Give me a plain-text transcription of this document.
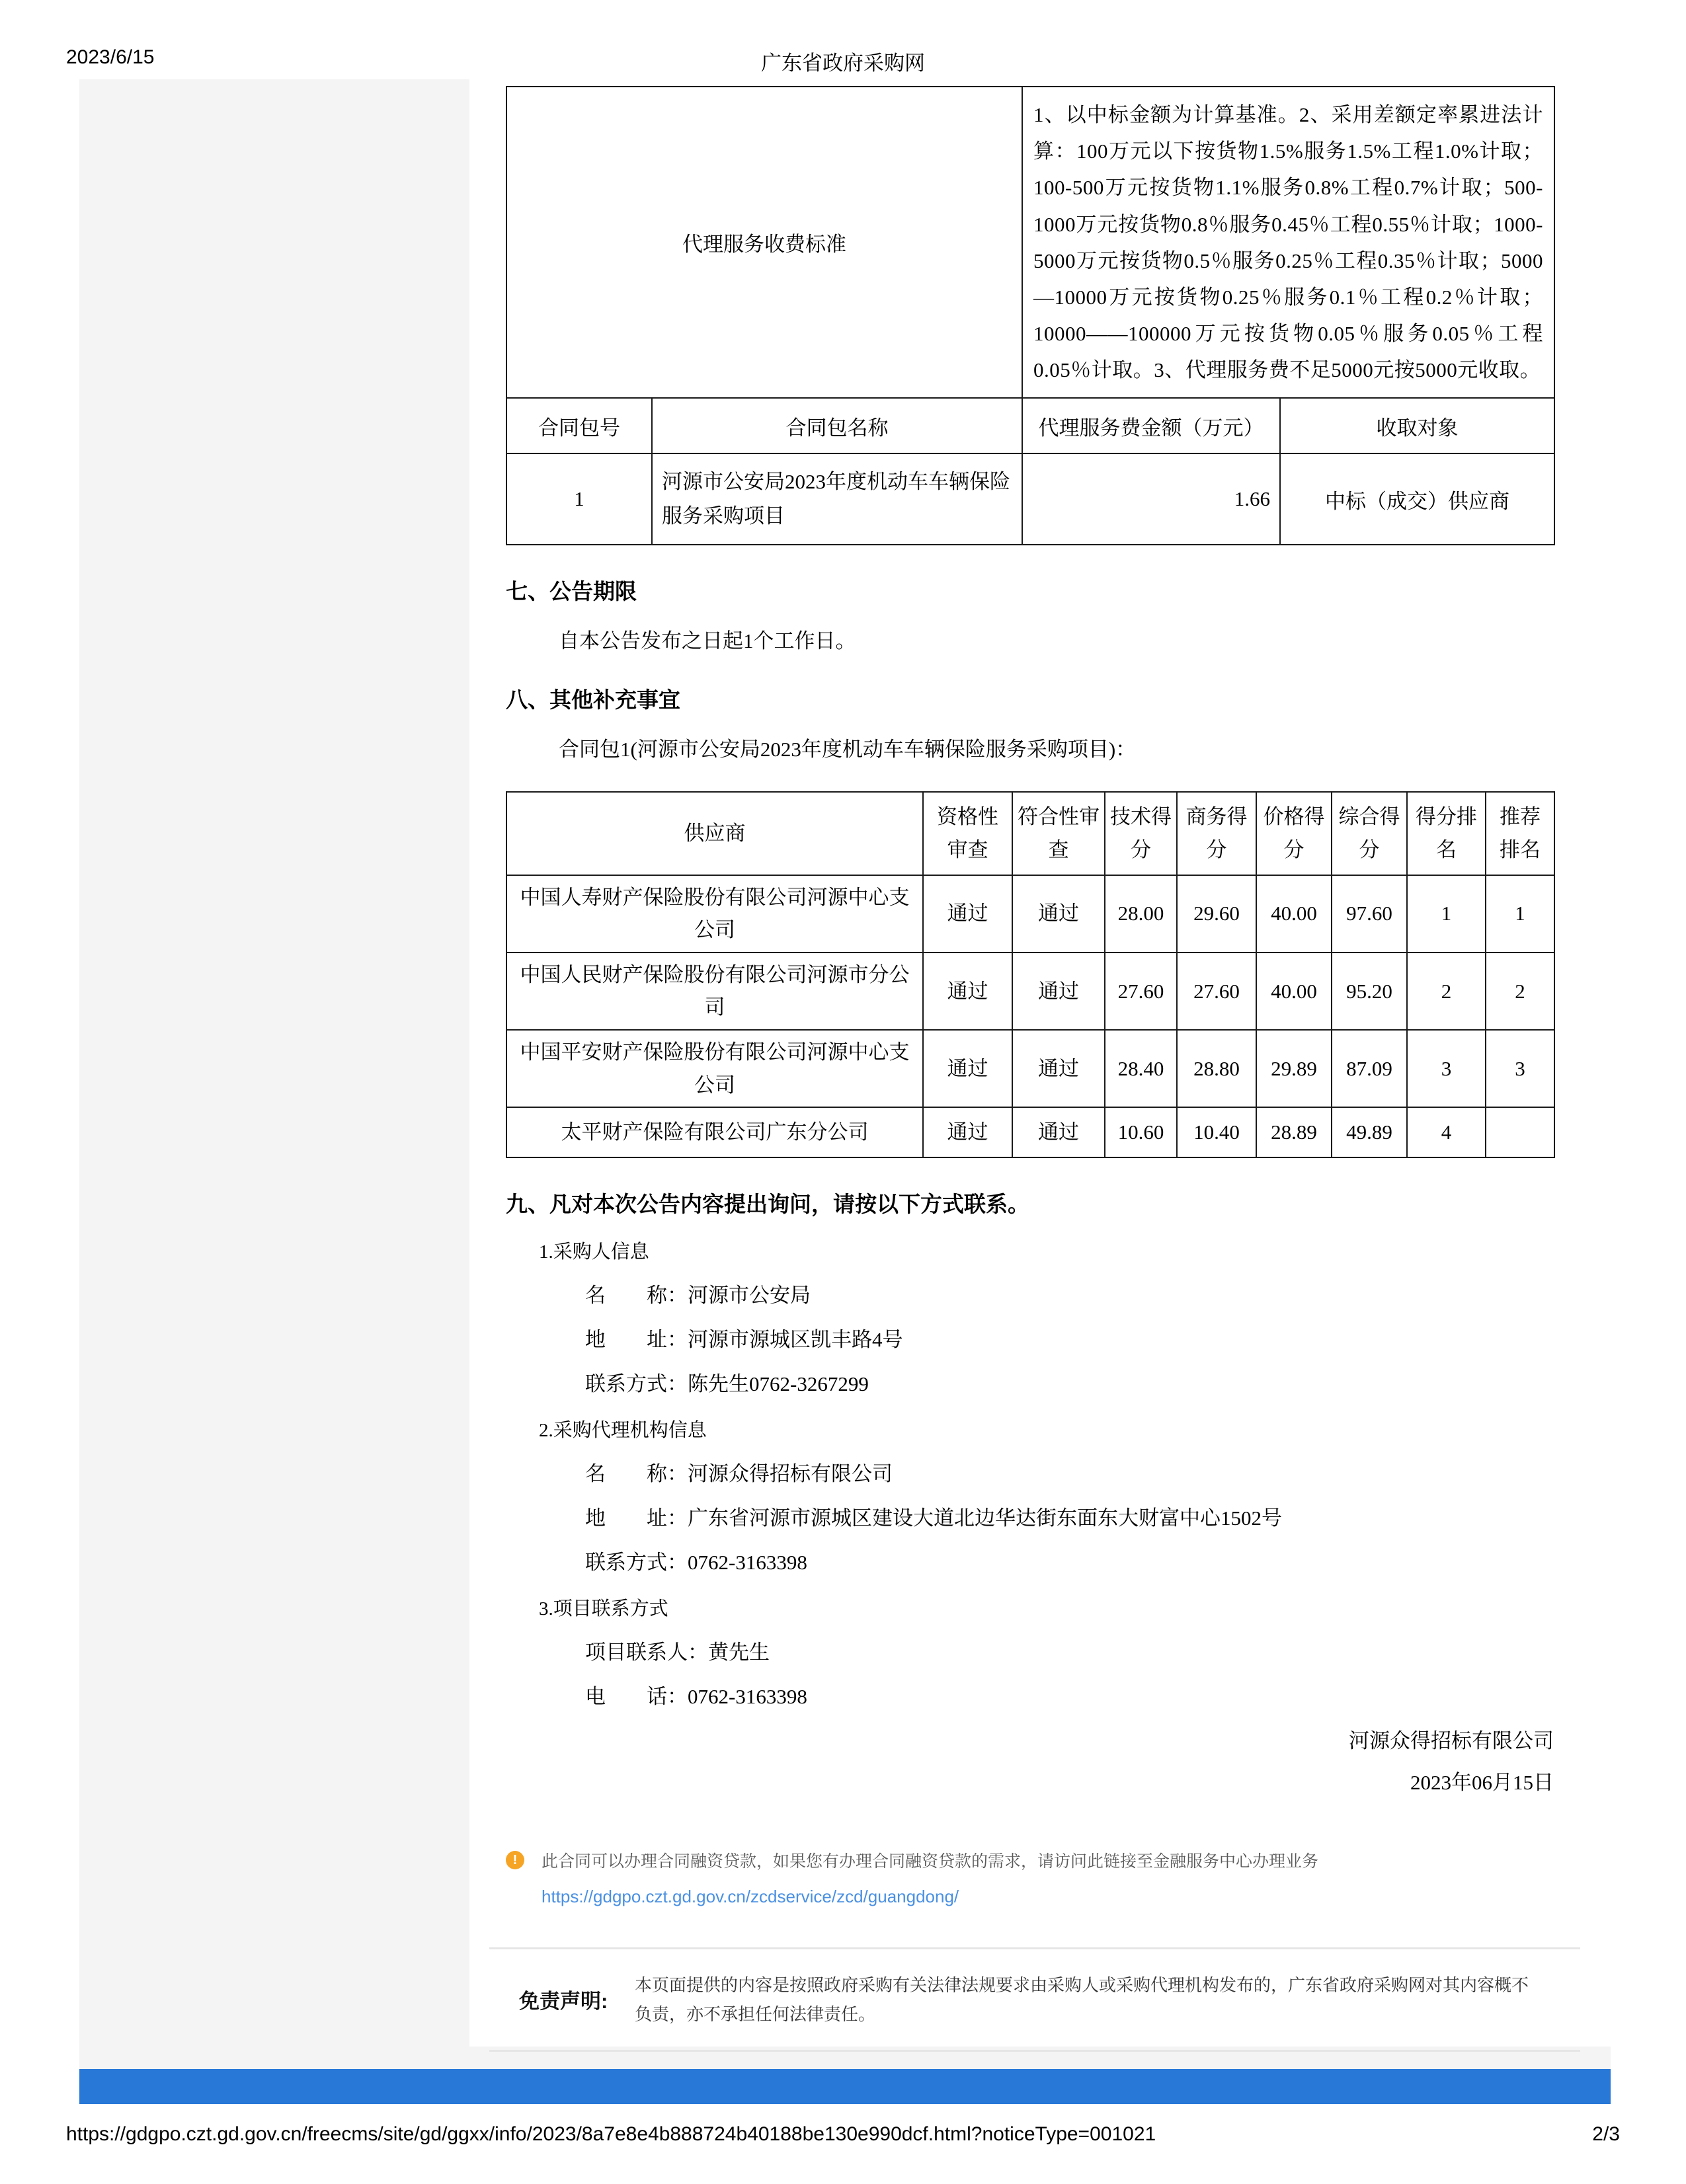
2023/6/15	广东省政府采购网
代理服务收费标准		1、以中标金额为计算基准。2、采用差额定率累进法计算：100万元以下按货物1.5%服务1.5%工程1.0%计取；100-500万元按货物1.1%服务0.8%工程0.7%计取；500-1000万元按货物0.8％服务0.45％工程0.55％计取；1000-5000万元按货物0.5％服务0.25％工程0.35％计取；5000—10000万元按货物0.25％服务0.1％工程0.2％计取；10000——100000万元按货物0.05％服务0.05％工程0.05％计取。3、代理服务费不足5000元按5000元收取。	
合同包号	合同包名称	代理服务费金额（万元）	收取对象
1	河源市公安局2023年度机动车车辆保险服务采购项目	1.66	中标（成交）供应商
七、公告期限
自本公告发布之日起1个工作日。
八、其他补充事宜
合同包1(河源市公安局2023年度机动车车辆保险服务采购项目)：
供应商	资格性审查	符合性审查	技术得分	商务得分	价格得分	综合得分	得分排名	推荐排名
中国人寿财产保险股份有限公司河源中心支公司	通过	通过	28.00	29.60	40.00	97.60	1	1
中国人民财产保险股份有限公司河源市分公司	通过	通过	27.60	27.60	40.00	95.20	2	2
中国平安财产保险股份有限公司河源中心支公司	通过	通过	28.40	28.80	29.89	87.09	3	3
太平财产保险有限公司广东分公司	通过	通过	10.60	10.40	28.89	49.89	4	
九、凡对本次公告内容提出询问，请按以下方式联系。
1.采购人信息
名　　称：河源市公安局
地　　址：河源市源城区凯丰路4号
联系方式：陈先生0762-3267299
2.采购代理机构信息
名　　称：河源众得招标有限公司
地　　址：广东省河源市源城区建设大道北边华达街东面东大财富中心1502号
联系方式：0762-3163398
3.项目联系方式
项目联系人：黄先生
电　　话：0762-3163398
河源众得招标有限公司
2023年06月15日
!	此合同可以办理合同融资贷款，如果您有办理合同融资贷款的需求，请访问此链接至金融服务中心办理业务
https://gdgpo.czt.gd.gov.cn/zcdservice/zcd/guangdong/
免责声明:
本页面提供的内容是按照政府采购有关法律法规要求由采购人或采购代理机构发布的，广东省政府采购网对其内容概不负责，亦不承担任何法律责任。
https://gdgpo.czt.gd.gov.cn/freecms/site/gd/ggxx/info/2023/8a7e8e4b888724b40188be130e990dcf.html?noticeType=001021	2/3
